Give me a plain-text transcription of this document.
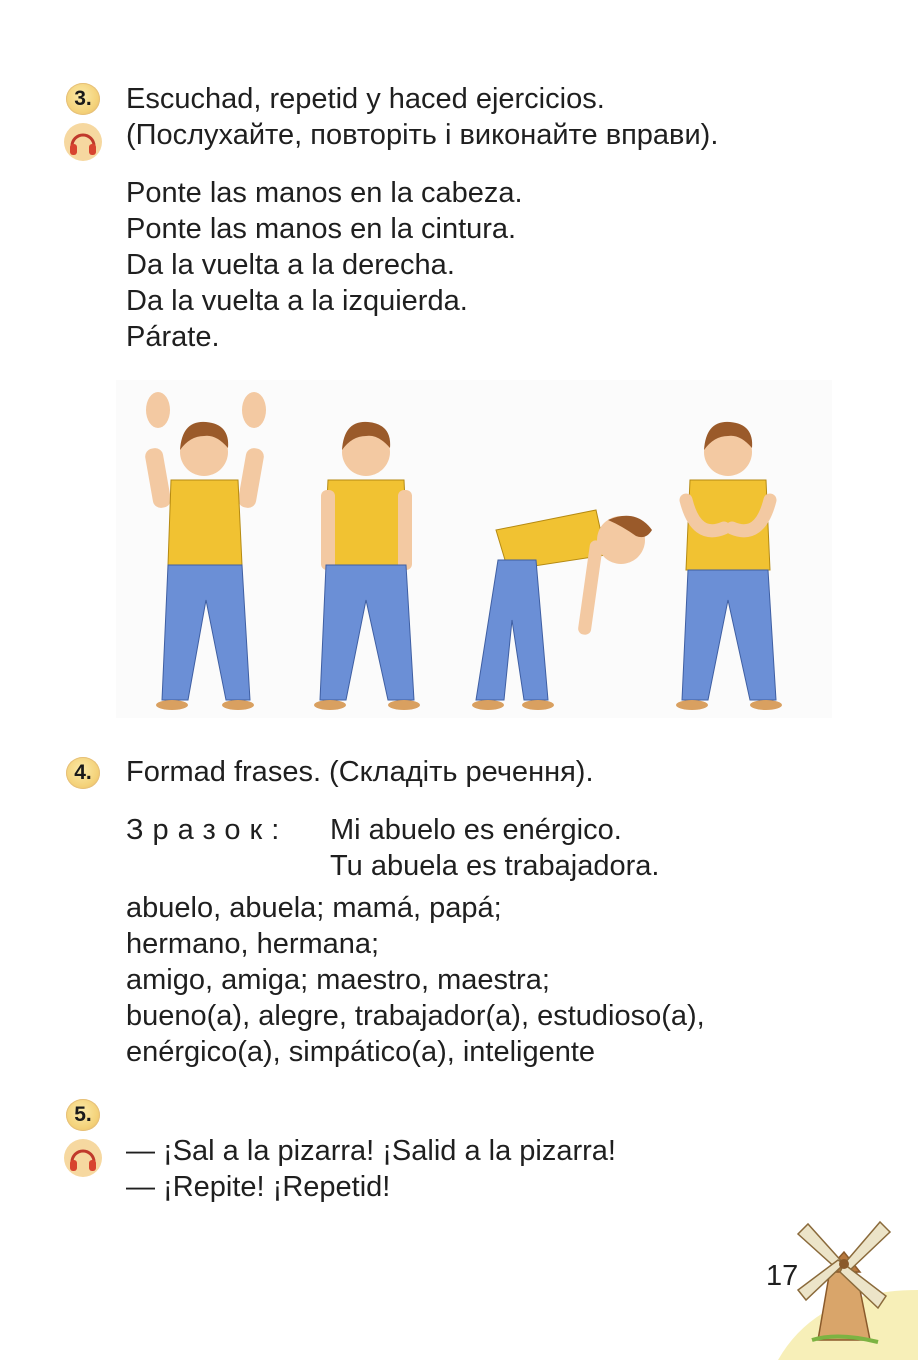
3. Escuchad, repetid y haced ejercicios.
(Послухайте, повторіть і виконайте вправи).
Ponte las manos en la cabeza.
Ponte las manos en la cintura.
Da la vuelta a la derecha.
Da la vuelta a la izquierda.
Párate.
4. Formad frases. (Складіть речення).
Зразок: Mi abuelo es enérgico.
Tu abuela es trabajadora.
abuelo, abuela; mamá, papá;
hermano, hermana;
amigo, amiga; maestro, maestra;
bueno(a), alegre, trabajador(a), estudioso(a),
enérgico(a), simpático(a), inteligente
5.
— ¡Sal a la pizarra! ¡Salid a la pizarra!
— ¡Repite! ¡Repetid!
17
